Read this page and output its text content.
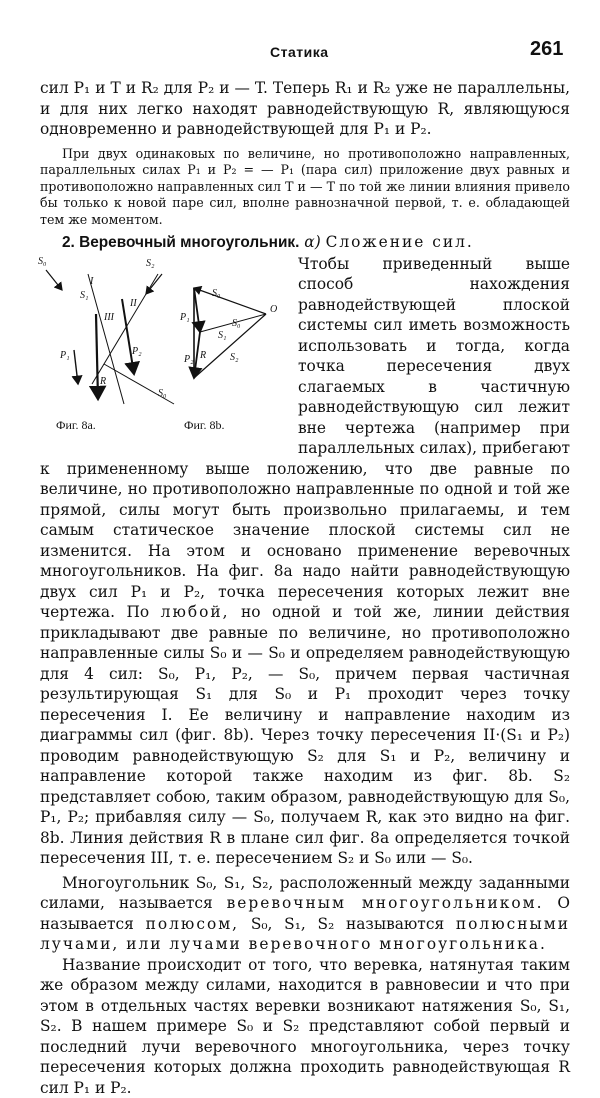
Статика	261

сил P₁ и T и R₂ для P₂ и — T. Теперь R₁ и R₂ уже не параллельны, и для них легко находят равнодействующую R, являющуюся одновременно и равнодействующей для P₁ и P₂.

При двух одинаковых по величине, но противоположно направленных, параллельных силах P₁ и P₂ = — P₁ (пара сил) приложение двух равных и противоположно направленных сил T и — T по той же линии влияния привело бы только к новой паре сил, вполне равнозначной первой, т. е. обладающей тем же моментом.

2. Веревочный многоугольник. α) Сложение сил.

S₀
S₁
S₂
P₁	P₂
R
S₀
I
II
III	P₁
P₂
S₀
S₀
S₁
S₂
R
O
Фиг. 8а.	Фиг. 8b.

Чтобы приведенный выше способ нахождения равнодействующей плоской системы сил иметь возможность использовать и тогда, когда точка пересечения двух слагаемых в частичную равнодействующую сил лежит вне чертежа (например при параллельных силах), прибегают к примененному выше положению, что две равные по величине, но противоположно направленные по одной и той же прямой, силы могут быть произвольно прилагаемы, и тем самым статическое значение плоской системы сил не изменится. На этом и основано применение веревочных многоугольников. На фиг. 8а надо найти равнодействующую двух сил P₁ и P₂, точка пересечения которых лежит вне чертежа. По любой, но одной и той же, линии действия прикладывают две равные по величине, но противоположно направленные силы S₀ и — S₀ и определяем равнодействующую для 4 сил: S₀, P₁, P₂, — S₀, причем первая частичная результирующая S₁ для S₀ и P₁ проходит через точку пересечения I. Ее величину и направление находим из диаграммы сил (фиг. 8b). Через точку пересечения II·(S₁ и P₂) проводим равнодействующую S₂ для S₁ и P₂, величину и направление которой также находим из фиг. 8b. S₂ представляет собою, таким образом, равнодействующую для S₀, P₁, P₂; прибавляя силу — S₀, получаем R, как это видно на фиг. 8b. Линия действия R в плане сил фиг. 8а определяется точкой пересечения III, т. е. пересечением S₂ и S₀ или — S₀.

Многоугольник S₀, S₁, S₂, расположенный между заданными силами, называется веревочным многоугольником. O называется полюсом, S₀, S₁, S₂ называются полюсными лучами, или лучами веревочного многоугольника.

Название происходит от того, что веревка, натянутая таким же образом между силами, находится в равновесии и что при этом в отдельных частях веревки возникают натяжения S₀, S₁, S₂. В нашем примере S₀ и S₂ представляют собой первый и последний лучи веревочного многоугольника, через точку пересечения которых должна проходить равнодействующая R сил P₁ и P₂.
